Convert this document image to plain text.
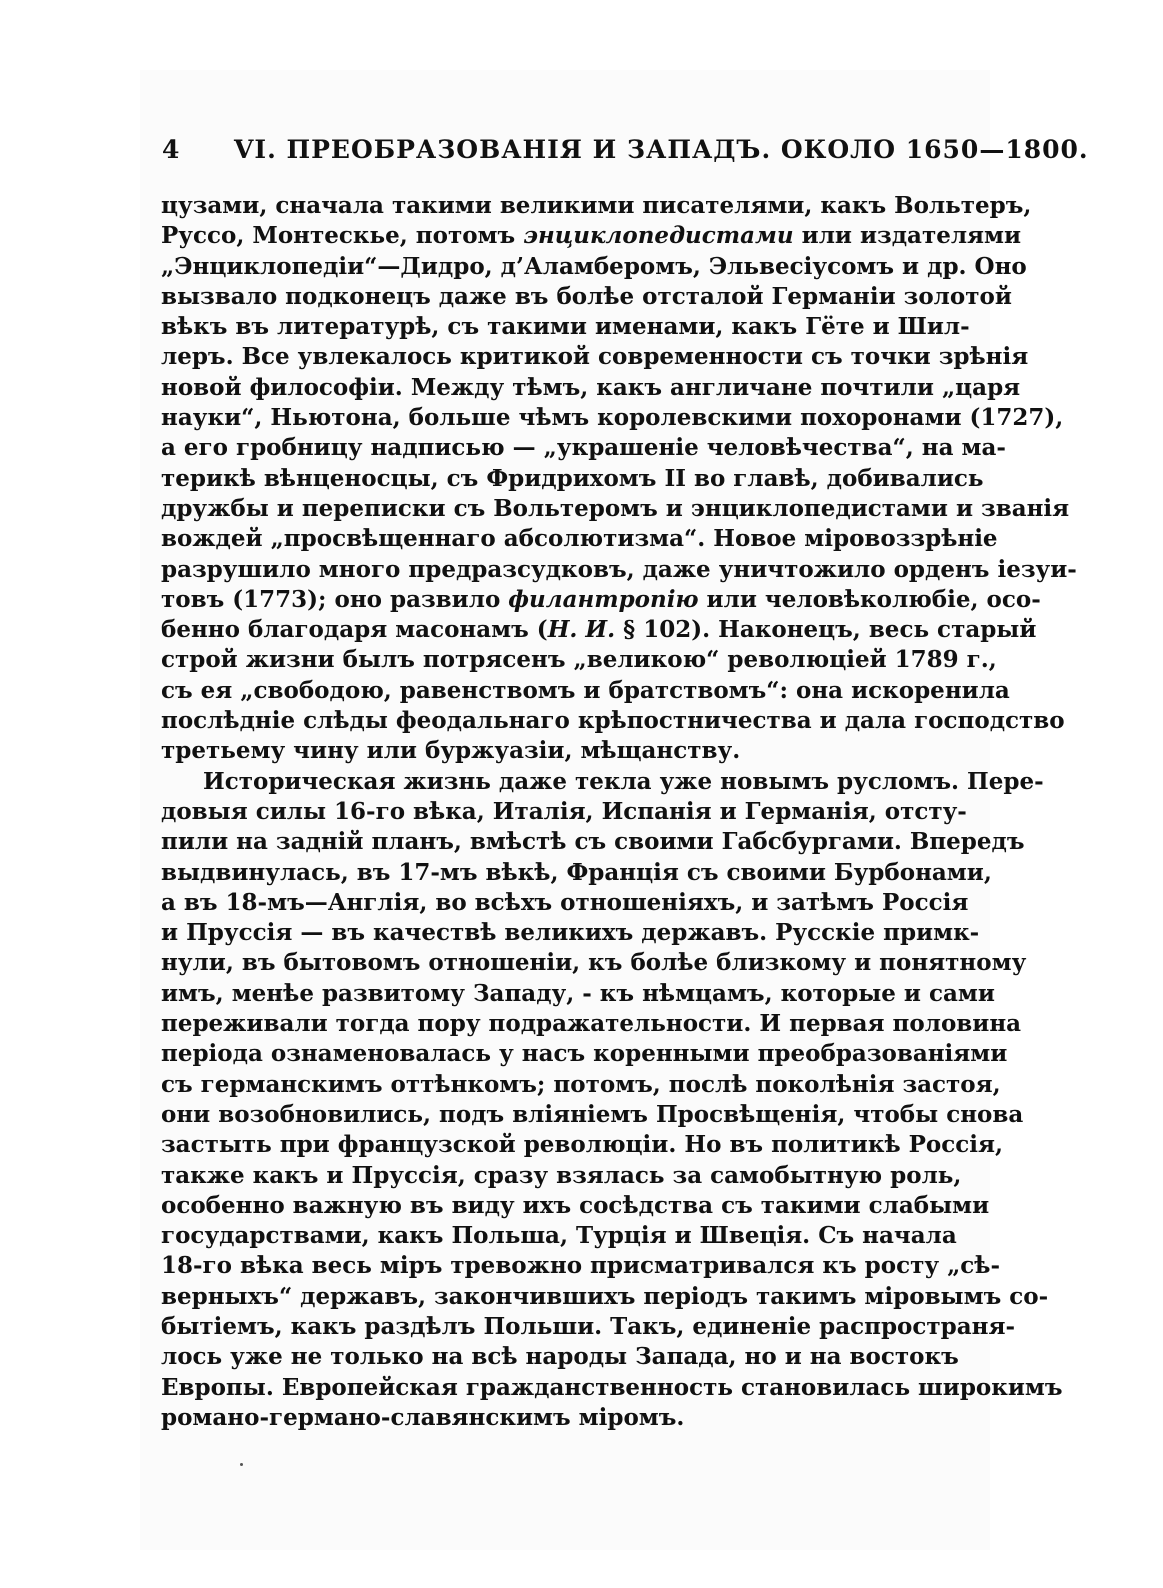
4 VI. ПРЕОБРАЗОВАНІЯ И ЗАПАДЪ. ОКОЛО 1650—1800.
цузами, сначала такими великими писателями, какъ Вольтеръ,
Руссо, Монтескье, потомъ энциклопедистами или издателями
„Энциклопедіи“—Дидро, д’Аламберомъ, Эльвесіусомъ и др. Оно
вызвало подконецъ даже въ болѣе отсталой Германіи золотой
вѣкъ въ литературѣ, съ такими именами, какъ Гёте и Шил-
леръ. Все увлекалось критикой современности съ точки зрѣнія
новой философіи. Между тѣмъ, какъ англичане почтили „царя
науки“, Ньютона, больше чѣмъ королевскими похоронами (1727),
а его гробницу надписью — „украшеніе человѣчества“, на ма-
терикѣ вѣнценосцы, съ Фридрихомъ II во главѣ, добивались
дружбы и переписки съ Вольтеромъ и энциклопедистами и званія
вождей „просвѣщеннаго абсолютизма“. Новое міровоззрѣніе
разрушило много предразсудковъ, даже уничтожило орденъ іезуи-
товъ (1773); оно развило филантропію или человѣколюбіе, осо-
бенно благодаря масонамъ (Н. И. § 102). Наконецъ, весь старый
строй жизни былъ потрясенъ „великою“ революціей 1789 г.,
съ ея „свободою, равенствомъ и братствомъ“: она искоренила
послѣдніе слѣды феодальнаго крѣпостничества и дала господство
третьему чину или буржуазіи, мѣщанству.
Историческая жизнь даже текла уже новымъ русломъ. Пере-
довыя силы 16-го вѣка, Италія, Испанія и Германія, отсту-
пили на задній планъ, вмѣстѣ съ своими Габсбургами. Впередъ
выдвинулась, въ 17-мъ вѣкѣ, Франція съ своими Бурбонами,
а въ 18-мъ—Англія, во всѣхъ отношеніяхъ, и затѣмъ Россія
и Пруссія — въ качествѣ великихъ державъ. Русскіе примк-
нули, въ бытовомъ отношеніи, къ болѣе близкому и понятному
имъ, менѣе развитому Западу, - къ нѣмцамъ, которые и сами
переживали тогда пору подражательности. И первая половина
періода ознаменовалась у насъ коренными преобразованіями
съ германскимъ оттѣнкомъ; потомъ, послѣ поколѣнія застоя,
они возобновились, подъ вліяніемъ Просвѣщенія, чтобы снова
застыть при французской революціи. Но въ политикѣ Россія,
также какъ и Пруссія, сразу взялась за самобытную роль,
особенно важную въ виду ихъ сосѣдства съ такими слабыми
государствами, какъ Польша, Турція и Швеція. Съ начала
18-го вѣка весь міръ тревожно присматривался къ росту „сѣ-
верныхъ“ державъ, закончившихъ періодъ такимъ міровымъ со-
бытіемъ, какъ раздѣлъ Польши. Такъ, единеніе распространя-
лось уже не только на всѣ народы Запада, но и на востокъ
Европы. Европейская гражданственность становилась широкимъ
романо-германо-славянскимъ міромъ.
